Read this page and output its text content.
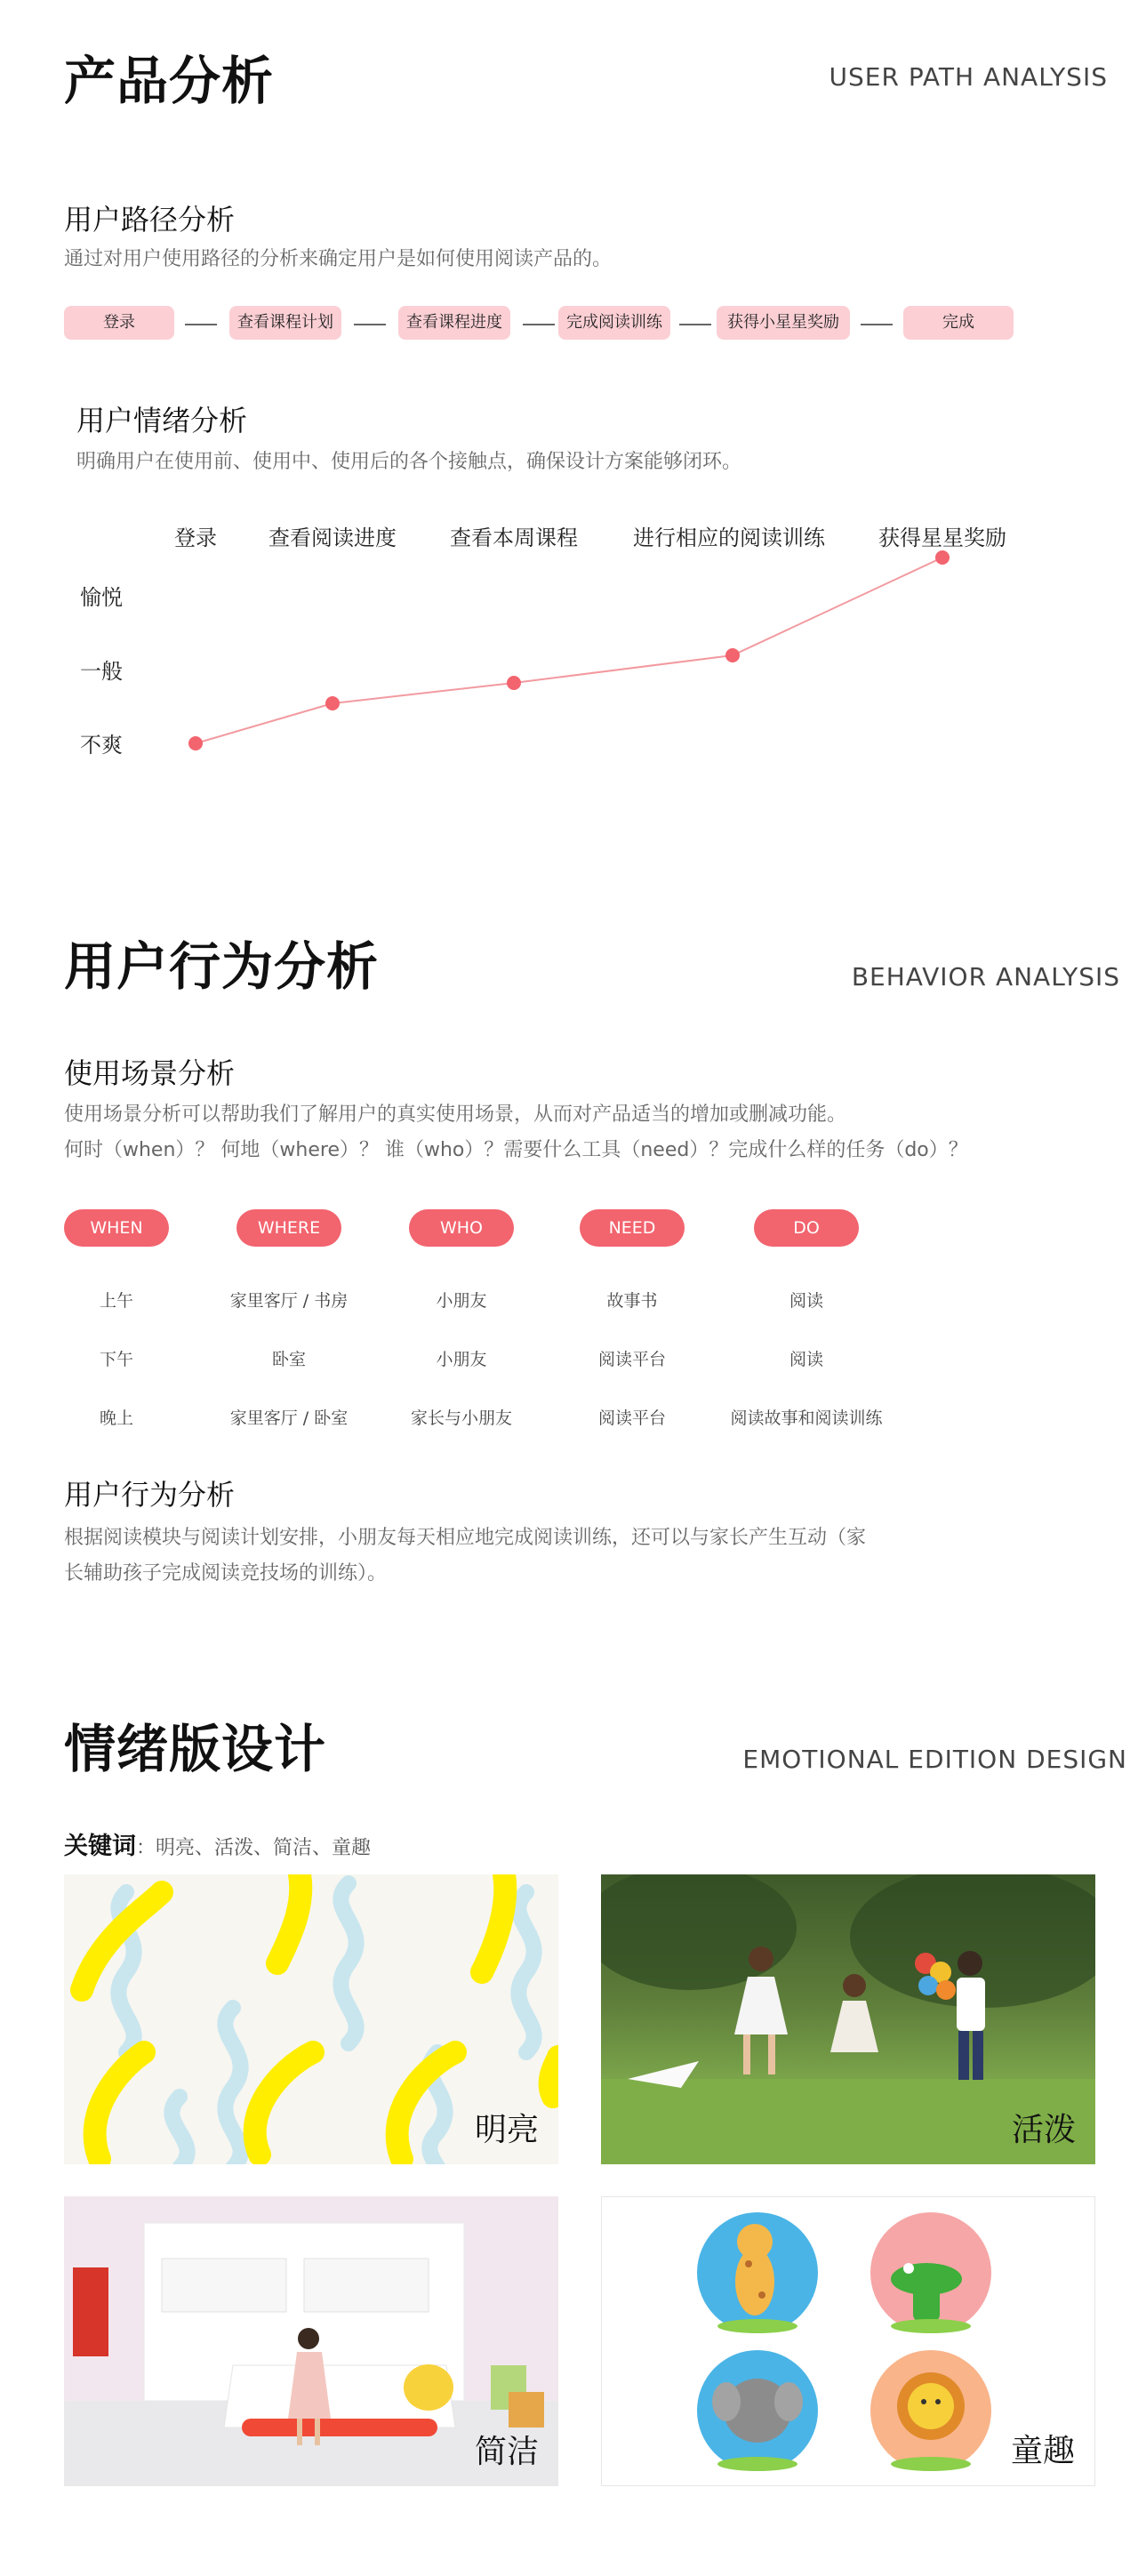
产品分析	USER PATH ANALYSIS
用户路径分析
通过对用户使用路径的分析来确定用户是如何使用阅读产品的。
登录	查看课程计划	查看课程进度	完成阅读训练	获得小星星奖励	完成
用户情绪分析
明确用户在使用前、使用中、使用后的各个接触点，确保设计方案能够闭环。
登录 查看阅读进度	查看本周课程	进行相应的阅读训练	获得星星奖励
愉悦
一般
不爽
用户行为分析	BEHAVIOR ANALYSIS
使用场景分析
使用场景分析可以帮助我们了解用户的真实使用场景，从而对产品适当的增加或删减功能。
何时（when）？ 何地（where）？ 谁（who）？需要什么工具（need）？完成什么样的任务（do）？
WHEN	WHERE	WHO	NEED	DO
上午	家里客厅 / 书房	小朋友	故事书	阅读
下午	卧室	小朋友	阅读平台	阅读
晚上	家里客厅 / 卧室	家长与小朋友	阅读平台	阅读故事和阅读训练
用户行为分析
根据阅读模块与阅读计划安排，小朋友每天相应地完成阅读训练，还可以与家长产生互动（家
长辅助孩子完成阅读竞技场的训练）。
情绪版设计	EMOTIONAL EDITION DESIGN
关键词：明亮、活泼、简洁、童趣
明亮	活泼
简洁	童趣
